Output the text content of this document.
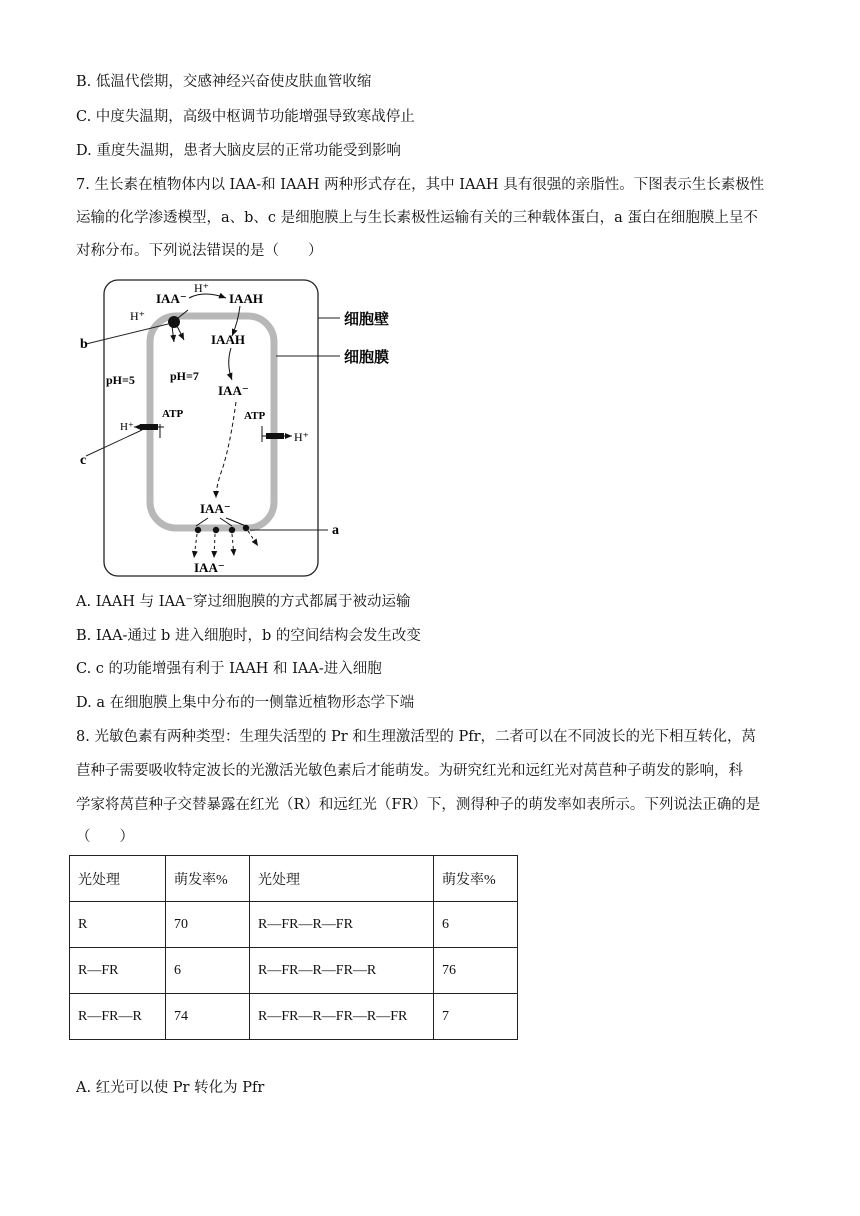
B. 低温代偿期，交感神经兴奋使皮肤血管收缩
C. 中度失温期，高级中枢调节功能增强导致寒战停止
D. 重度失温期，患者大脑皮层的正常功能受到影响
7. 生长素在植物体内以 IAA-和 IAAH 两种形式存在，其中 IAAH 具有很强的亲脂性。下图表示生长素极性
运输的化学渗透模型，a、b、c 是细胞膜上与生长素极性运输有关的三种载体蛋白，a 蛋白在细胞膜上呈不
对称分布。下列说法错误的是（　　）
细胞壁
细胞膜
IAA⁻
H⁺
IAAH
IAAH
IAA⁻
H⁺
b
pH=5	pH=7
ATP
H⁺
c
ATP
H⁺
IAA⁻
a
IAA⁻
A. IAAH 与 IAA⁻穿过细胞膜的方式都属于被动运输
B. IAA-通过 b 进入细胞时，b 的空间结构会发生改变
C. c 的功能增强有利于 IAAH 和 IAA-进入细胞
D. a 在细胞膜上集中分布的一侧靠近植物形态学下端
8. 光敏色素有两种类型：生理失活型的 Pr 和生理激活型的 Pfr，二者可以在不同波长的光下相互转化，莴
苣种子需要吸收特定波长的光激活光敏色素后才能萌发。为研究红光和远红光对莴苣种子萌发的影响，科
学家将莴苣种子交替暴露在红光（R）和远红光（FR）下，测得种子的萌发率如表所示。下列说法正确的是
（　　）
光处理	萌发率%	光处理	萌发率%
R	70	R—FR—R—FR	6
R—FR	6	R—FR—R—FR—R	76
R—FR—R	74	R—FR—R—FR—R—FR	7
A. 红光可以使 Pr 转化为 Pfr
